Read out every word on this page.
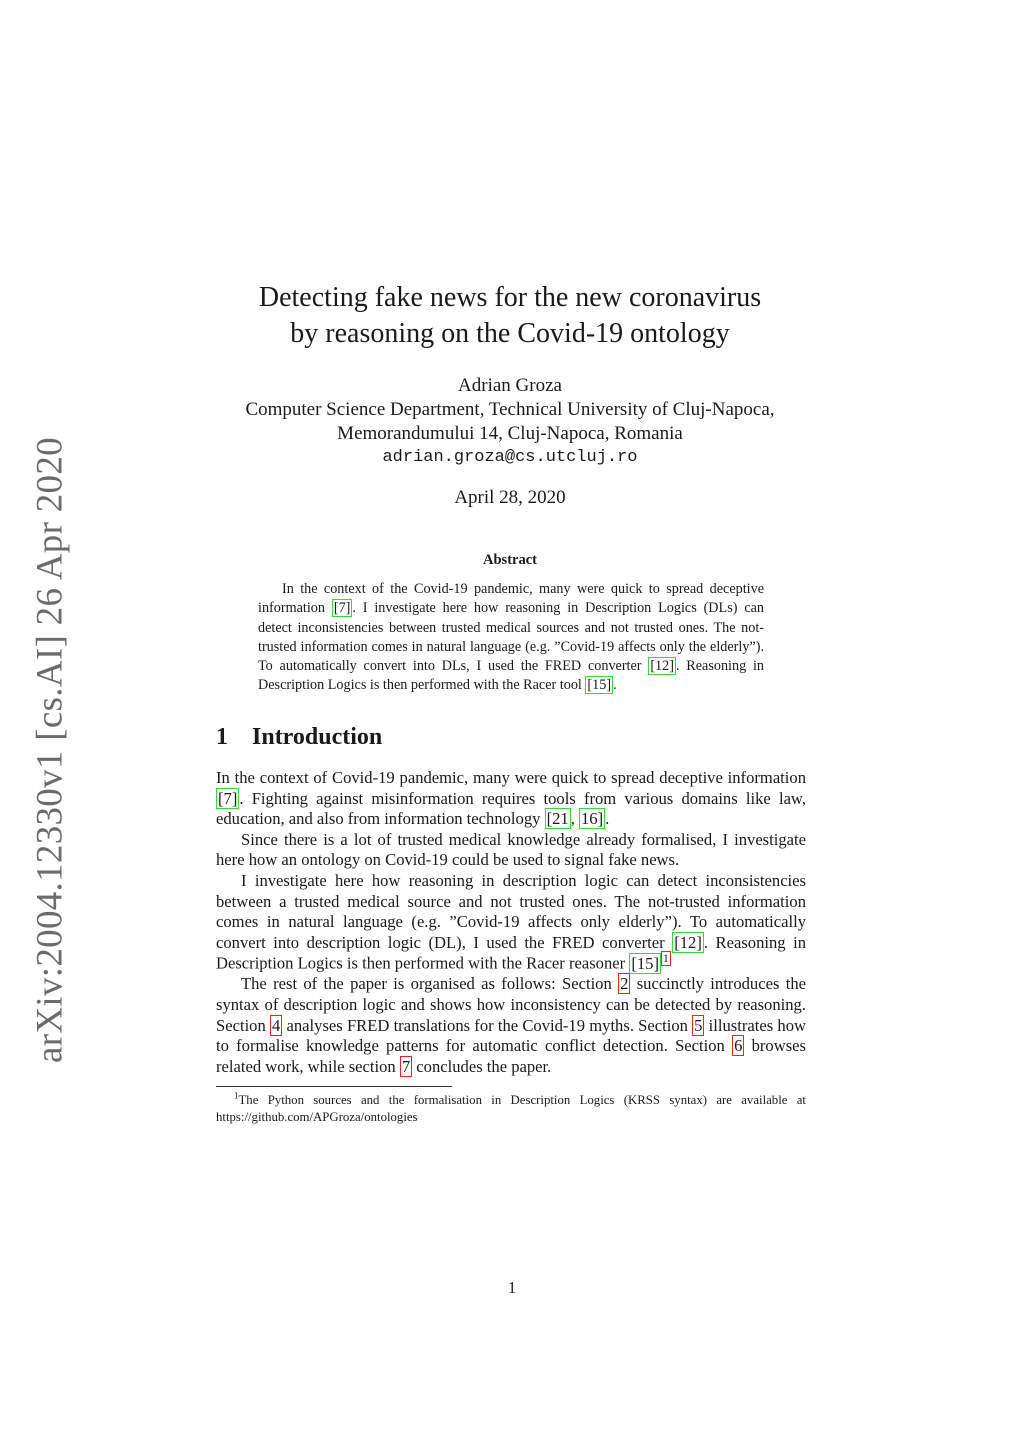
arXiv:2004.12330v1 [cs.AI] 26 Apr 2020
Detecting fake news for the new coronavirus
by reasoning on the Covid-19 ontology
Adrian Groza
Computer Science Department, Technical University of Cluj-Napoca,
Memorandumului 14, Cluj-Napoca, Romania
adrian.groza@cs.utcluj.ro
April 28, 2020
Abstract
In the context of the Covid-19 pandemic, many were quick to spread deceptive information [7] . I investigate here how reasoning in Description Logics (DLs) can detect inconsistencies between trusted medical sources and not trusted ones. The not-trusted information comes in natural language (e.g. ”Covid-19 affects only the elderly”). To automatically convert into DLs, I used the FRED converter [12] . Reasoning in Description Logics is then performed with the Racer tool [15] .
1 Introduction

In the context of Covid-19 pandemic, many were quick to spread deceptive information [7] . Fighting against misinformation requires tools from various domains like law, education, and also from information technology [21 , 16] .

Since there is a lot of trusted medical knowledge already formalised, I investigate here how an ontology on Covid-19 could be used to signal fake news.

I investigate here how reasoning in description logic can detect inconsistencies between a trusted medical source and not trusted ones. The not-trusted information comes in natural language (e.g. ”Covid-19 affects only elderly”). To automatically convert into description logic (DL), I used the FRED converter [12] . Reasoning in Description Logics is then performed with the Racer reasoner [15] $^1$

The rest of the paper is organised as follows: Section 2 succinctly introduces the syntax of description logic and shows how inconsistency can be detected by reasoning. Section 4 analyses FRED translations for the Covid-19 myths. Section 5 illustrates how to formalise knowledge patterns for automatic conflict detection. Section 6 browses related work, while section 7 concludes the paper.

$^1$The Python sources and the formalisation in Description Logics (KRSS syntax) are available at https://github.com/APGroza/ontologies
1
